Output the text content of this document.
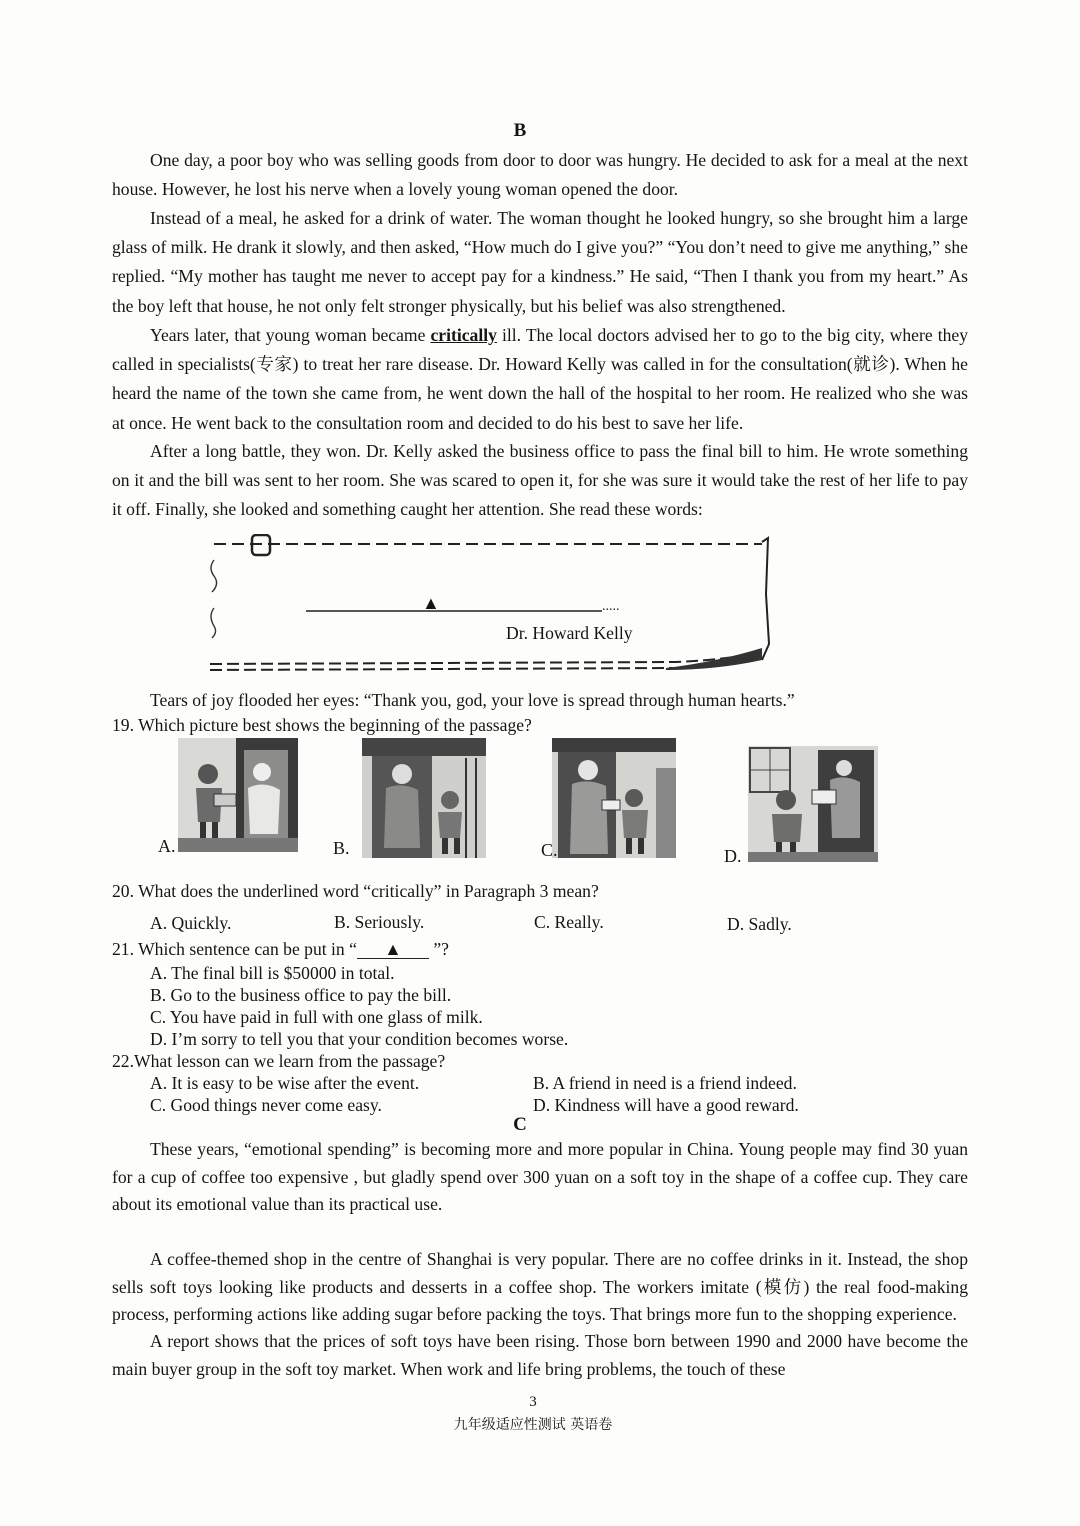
B

One day, a poor boy who was selling goods from door to door was hungry. He decided to ask for a meal at the next house. However, he lost his nerve when a lovely young woman opened the door.

Instead of a meal, he asked for a drink of water. The woman thought he looked hungry, so she brought him a large glass of milk. He drank it slowly, and then asked, “How much do I give you?” “You don’t need to give me anything,” she replied. “My mother has taught me never to accept pay for a kindness.” He said, “Then I thank you from my heart.” As the boy left that house, he not only felt stronger physically, but his belief was also strengthened.

Years later, that young woman became critically ill. The local doctors advised her to go to the big city, where they called in specialists(专家) to treat her rare disease. Dr. Howard Kelly was called in for the consultation(就诊). When he heard the name of the town she came from, he went down the hall of the hospital to her room. He realized who she was at once. He went back to the consultation room and decided to do his best to save her life.

After a long battle, they won. Dr. Kelly asked the business office to pass the final bill to him. He wrote something on it and the bill was sent to her room. She was scared to open it, for she was sure it would take the rest of her life to pay it off. Finally, she looked and something caught her attention. She read these words:

▲	.....
Dr. Howard Kelly

Tears of joy flooded her eyes: “Thank you, god, your love is spread through human hearts.”

19. Which picture best shows the beginning of the passage?
A.	B.	C.	D.
20. What does the underlined word “critically” in Paragraph 3 mean?
A. Quickly.	B. Seriously.	C. Really.	D. Sadly.
21. Which sentence can be put in “ ▲ ”?
A. The final bill is $50000 in total.
B. Go to the business office to pay the bill.
C. You have paid in full with one glass of milk.
D. I’m sorry to tell you that your condition becomes worse.
22.What lesson can we learn from the passage?
A. It is easy to be wise after the event.	B. A friend in need is a friend indeed.
C. Good things never come easy.	D. Kindness will have a good reward.
C

These years, “emotional spending” is becoming more and more popular in China. Young people may find 30 yuan for a cup of coffee too expensive , but gladly spend over 300 yuan on a soft toy in the shape of a coffee cup. They care about its emotional value than its practical use.

A coffee-themed shop in the centre of Shanghai is very popular. There are no coffee drinks in it. Instead, the shop sells soft toys looking like products and desserts in a coffee shop. The workers imitate (模仿) the real food-making process, performing actions like adding sugar before packing the toys. That brings more fun to the shopping experience.

A report shows that the prices of soft toys have been rising. Those born between 1990 and 2000 have become the main buyer group in the soft toy market. When work and life bring problems, the touch of these

3
九年级适应性测试 英语卷
